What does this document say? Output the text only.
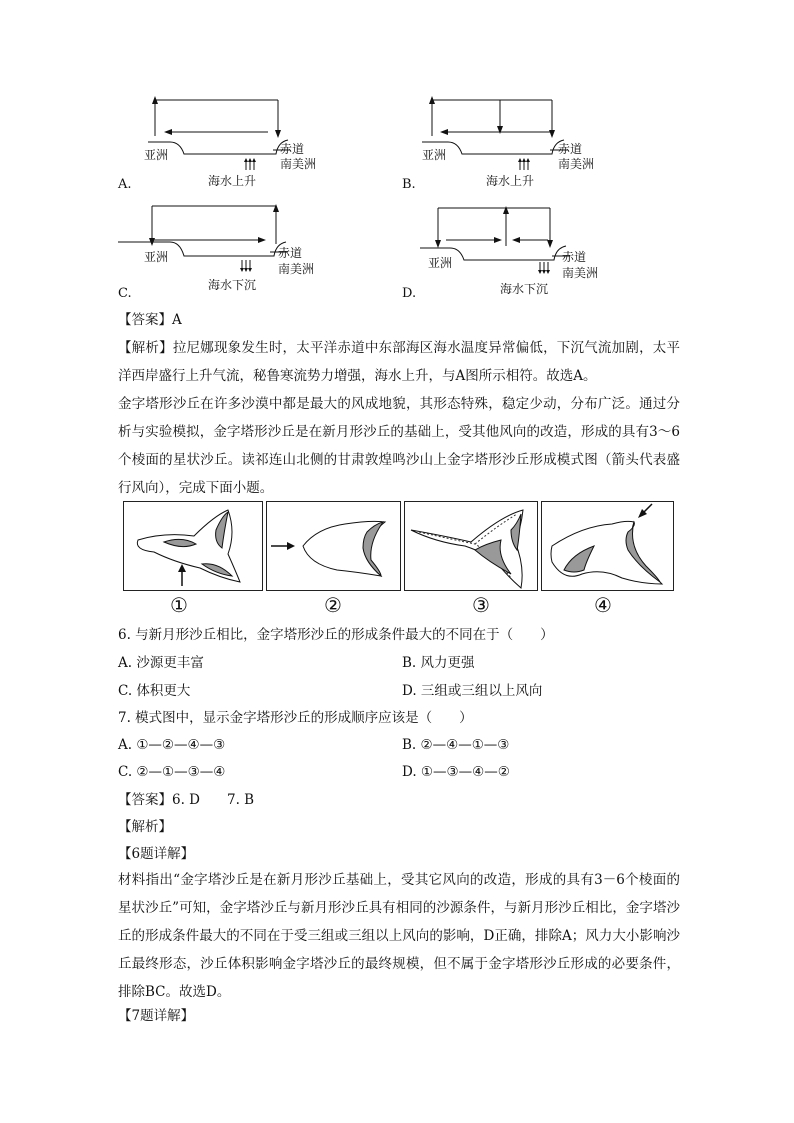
亚洲	赤道
南美洲
海水上升
A.
亚洲	赤道
南美洲
海水上升
B.
亚洲	赤道
南美洲
海水下沉
C.
亚洲	赤道
南美洲
海水下沉
D.
【答案】A
【解析】拉尼娜现象发生时，太平洋赤道中东部海区海水温度异常偏低，下沉气流加剧，太平洋西岸盛行上升气流，秘鲁寒流势力增强，海水上升，与A图所示相符。故选A。
金字塔形沙丘在许多沙漠中都是最大的风成地貌，其形态特殊，稳定少动，分布广泛。通过分析与实验模拟，金字塔形沙丘是在新月形沙丘的基础上，受其他风向的改造，形成的具有3～6个棱面的星状沙丘。读祁连山北侧的甘肃敦煌鸣沙山上金字塔形沙丘形成模式图（箭头代表盛行风向），完成下面小题。
①	②	③	④
6. 与新月形沙丘相比，金字塔形沙丘的形成条件最大的不同在于（　　）
A. 沙源更丰富	B. 风力更强
C. 体积更大	D. 三组或三组以上风向
7. 模式图中，显示金字塔形沙丘的形成顺序应该是（　　）
A. ①—②—④—③	B. ②—④—①—③
C. ②—①—③—④	D. ①—③—④—②
【答案】6. D　　7. B
【解析】
【6题详解】
材料指出“金字塔沙丘是在新月形沙丘基础上，受其它风向的改造，形成的具有3－6个棱面的星状沙丘”可知，金字塔沙丘与新月形沙丘具有相同的沙源条件，与新月形沙丘相比，金字塔沙丘的形成条件最大的不同在于受三组或三组以上风向的影响，D正确，排除A；风力大小影响沙丘最终形态，沙丘体积影响金字塔沙丘的最终规模，但不属于金字塔形沙丘形成的必要条件，排除BC。故选D。
【7题详解】
